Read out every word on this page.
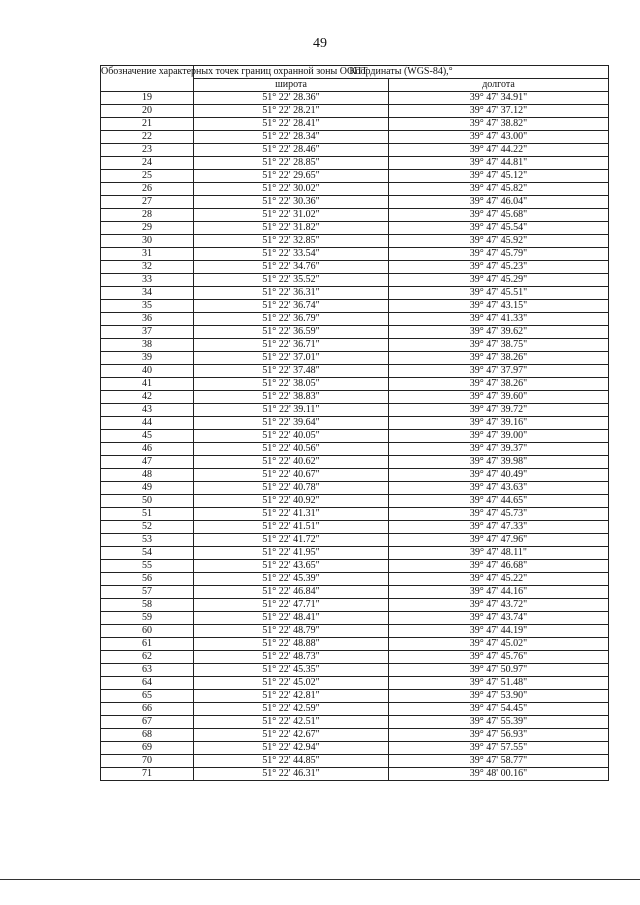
49
Обозначение характерных точек границ охранной зоны ООПТ	Координаты (WGS-84),°	
	широта	долгота
19	51° 22' 28.36"	39° 47' 34.91"
20	51° 22' 28.21"	39° 47' 37.12"
21	51° 22' 28.41"	39° 47' 38.82"
22	51° 22' 28.34"	39° 47' 43.00"
23	51° 22' 28.46"	39° 47' 44.22"
24	51° 22' 28.85"	39° 47' 44.81"
25	51° 22' 29.65"	39° 47' 45.12"
26	51° 22' 30.02"	39° 47' 45.82"
27	51° 22' 30.36"	39° 47' 46.04"
28	51° 22' 31.02"	39° 47' 45.68"
29	51° 22' 31.82"	39° 47' 45.54"
30	51° 22' 32.85"	39° 47' 45.92"
31	51° 22' 33.54"	39° 47' 45.79"
32	51° 22' 34.76"	39° 47' 45.23"
33	51° 22' 35.52"	39° 47' 45.29"
34	51° 22' 36.31"	39° 47' 45.51"
35	51° 22' 36.74"	39° 47' 43.15"
36	51° 22' 36.79"	39° 47' 41.33"
37	51° 22' 36.59"	39° 47' 39.62"
38	51° 22' 36.71"	39° 47' 38.75"
39	51° 22' 37.01"	39° 47' 38.26"
40	51° 22' 37.48"	39° 47' 37.97"
41	51° 22' 38.05"	39° 47' 38.26"
42	51° 22' 38.83"	39° 47' 39.60"
43	51° 22' 39.11"	39° 47' 39.72"
44	51° 22' 39.64"	39° 47' 39.16"
45	51° 22' 40.05"	39° 47' 39.00"
46	51° 22' 40.56"	39° 47' 39.37"
47	51° 22' 40.62"	39° 47' 39.98"
48	51° 22' 40.67"	39° 47' 40.49"
49	51° 22' 40.78"	39° 47' 43.63"
50	51° 22' 40.92"	39° 47' 44.65"
51	51° 22' 41.31"	39° 47' 45.73"
52	51° 22' 41.51"	39° 47' 47.33"
53	51° 22' 41.72"	39° 47' 47.96"
54	51° 22' 41.95"	39° 47' 48.11"
55	51° 22' 43.65"	39° 47' 46.68"
56	51° 22' 45.39"	39° 47' 45.22"
57	51° 22' 46.84"	39° 47' 44.16"
58	51° 22' 47.71"	39° 47' 43.72"
59	51° 22' 48.41"	39° 47' 43.74"
60	51° 22' 48.79"	39° 47' 44.19"
61	51° 22' 48.88"	39° 47' 45.02"
62	51° 22' 48.73"	39° 47' 45.76"
63	51° 22' 45.35"	39° 47' 50.97"
64	51° 22' 45.02"	39° 47' 51.48"
65	51° 22' 42.81"	39° 47' 53.90"
66	51° 22' 42.59"	39° 47' 54.45"
67	51° 22' 42.51"	39° 47' 55.39"
68	51° 22' 42.67"	39° 47' 56.93"
69	51° 22' 42.94"	39° 47' 57.55"
70	51° 22' 44.85"	39° 47' 58.77"
71	51° 22' 46.31"	39° 48' 00.16"
